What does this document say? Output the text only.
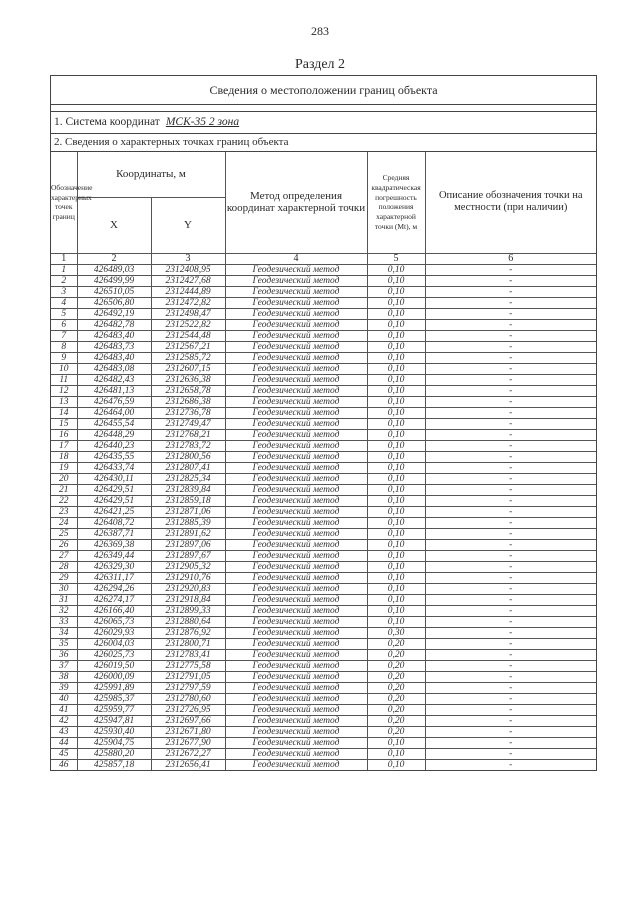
283
Раздел 2
Сведения о местоположении границ объекта
1. Система координат МСК-35 2 зона
2. Сведения о характерных точках границ объекта
Обозначение характерных точек границ	Координаты, м		Метод определения координат характерной точки	Средняя квадратическая погрешность положения характерной точки (Mt), м	Описание обозначения точки на местности (при наличии)
	X	Y			
1	2	3	4	5	6
1	426489,03	2312408,95	Геодезический метод	0,10	-
2	426499,99	2312427,68	Геодезический метод	0,10	-
3	426510,05	2312444,89	Геодезический метод	0,10	-
4	426506,80	2312472,82	Геодезический метод	0,10	-
5	426492,19	2312498,47	Геодезический метод	0,10	-
6	426482,78	2312522,82	Геодезический метод	0,10	-
7	426483,40	2312544,48	Геодезический метод	0,10	-
8	426483,73	2312567,21	Геодезический метод	0,10	-
9	426483,40	2312585,72	Геодезический метод	0,10	-
10	426483,08	2312607,15	Геодезический метод	0,10	-
11	426482,43	2312636,38	Геодезический метод	0,10	-
12	426481,13	2312658,78	Геодезический метод	0,10	-
13	426476,59	2312686,38	Геодезический метод	0,10	-
14	426464,00	2312736,78	Геодезический метод	0,10	-
15	426455,54	2312749,47	Геодезический метод	0,10	-
16	426448,29	2312768,21	Геодезический метод	0,10	-
17	426440,23	2312783,72	Геодезический метод	0,10	-
18	426435,55	2312800,56	Геодезический метод	0,10	-
19	426433,74	2312807,41	Геодезический метод	0,10	-
20	426430,11	2312825,34	Геодезический метод	0,10	-
21	426429,51	2312839,84	Геодезический метод	0,10	-
22	426429,51	2312859,18	Геодезический метод	0,10	-
23	426421,25	2312871,06	Геодезический метод	0,10	-
24	426408,72	2312885,39	Геодезический метод	0,10	-
25	426387,71	2312891,62	Геодезический метод	0,10	-
26	426369,38	2312897,06	Геодезический метод	0,10	-
27	426349,44	2312897,67	Геодезический метод	0,10	-
28	426329,30	2312905,32	Геодезический метод	0,10	-
29	426311,17	2312910,76	Геодезический метод	0,10	-
30	426294,26	2312920,83	Геодезический метод	0,10	-
31	426274,17	2312918,84	Геодезический метод	0,10	-
32	426166,40	2312899,33	Геодезический метод	0,10	-
33	426065,73	2312880,64	Геодезический метод	0,10	-
34	426029,93	2312876,92	Геодезический метод	0,30	-
35	426004,03	2312800,71	Геодезический метод	0,20	-
36	426025,73	2312783,41	Геодезический метод	0,20	-
37	426019,50	2312775,58	Геодезический метод	0,20	-
38	426000,09	2312791,05	Геодезический метод	0,20	-
39	425991,89	2312797,59	Геодезический метод	0,20	-
40	425985,37	2312780,60	Геодезический метод	0,20	-
41	425959,77	2312726,95	Геодезический метод	0,20	-
42	425947,81	2312697,66	Геодезический метод	0,20	-
43	425930,40	2312671,80	Геодезический метод	0,20	-
44	425904,75	2312677,90	Геодезический метод	0,10	-
45	425880,20	2312672,27	Геодезический метод	0,10	-
46	425857,18	2312656,41	Геодезический метод	0,10	-
